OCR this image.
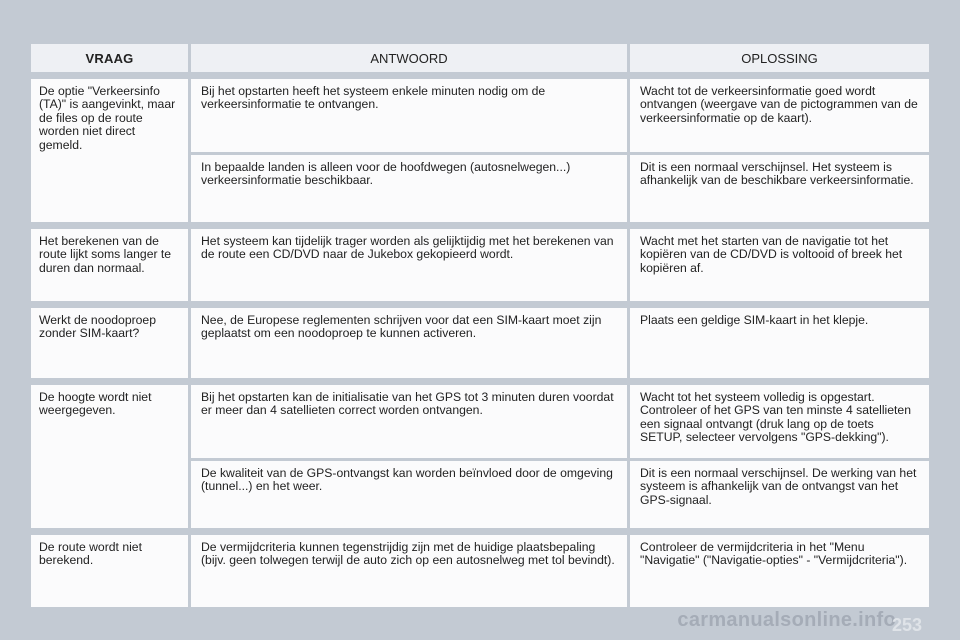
VRAAG	ANTWOORD	OPLOSSING
De optie "Verkeersinfo (TA)" is aangevinkt, maar de files op de route worden niet direct gemeld.
Bij het opstarten heeft het systeem enkele minuten nodig om de verkeersinformatie te ontvangen.
Wacht tot de verkeersinformatie goed wordt ontvangen (weergave van de pictogrammen van de verkeersinformatie op de kaart).
In bepaalde landen is alleen voor de hoofdwegen (autosnelwegen...) verkeersinformatie beschikbaar.
Dit is een normaal verschijnsel. Het systeem is afhankelijk van de beschikbare verkeersinformatie.
Het berekenen van de route lijkt soms langer te duren dan normaal.
Het systeem kan tijdelijk trager worden als gelijktijdig met het berekenen van de route een CD/DVD naar de Jukebox gekopieerd wordt.
Wacht met het starten van de navigatie tot het kopiëren van de CD/DVD is voltooid of breek het kopiëren af.
Werkt de noodoproep zonder SIM-kaart?
Nee, de Europese reglementen schrijven voor dat een SIM-kaart moet zijn geplaatst om een noodoproep te kunnen activeren.
Plaats een geldige SIM-kaart in het klepje.
De hoogte wordt niet weergegeven.
Bij het opstarten kan de initialisatie van het GPS tot 3 minuten duren voordat er meer dan 4 satellieten correct worden ontvangen.
Wacht tot het systeem volledig is opgestart. Controleer of het GPS van ten minste 4 satellieten een signaal ontvangt (druk lang op de toets SETUP, selecteer vervolgens "GPS-dekking").
De kwaliteit van de GPS-ontvangst kan worden beïnvloed door de omgeving (tunnel...) en het weer.
Dit is een normaal verschijnsel. De werking van het systeem is afhankelijk van de ontvangst van het GPS-signaal.
De route wordt niet berekend.
De vermijdcriteria kunnen tegenstrijdig zijn met de huidige plaatsbepaling (bijv. geen tolwegen terwijl de auto zich op een autosnelweg met tol bevindt).
Controleer de vermijdcriteria in het "Menu "Navigatie" ("Navigatie-opties" - "Vermijdcriteria").
carmanualsonline.info
253
